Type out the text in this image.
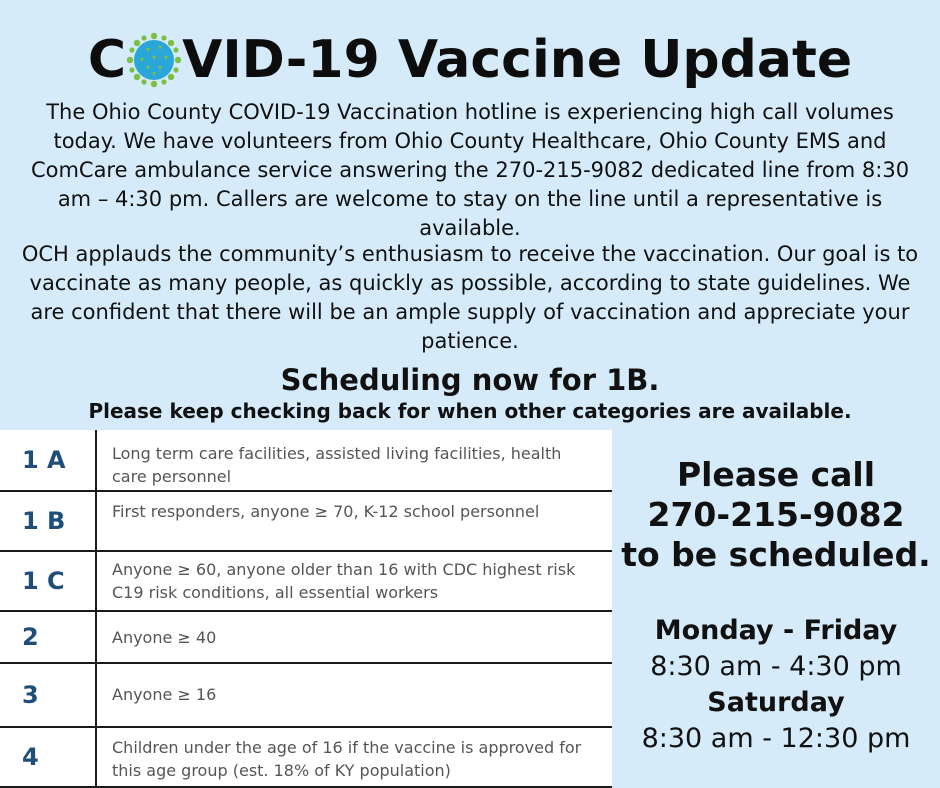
C VID-19 Vaccine Update
The Ohio County COVID-19 Vaccination hotline is experiencing high call volumes today. We have volunteers from Ohio County Healthcare, Ohio County EMS and ComCare ambulance service answering the 270-215-9082 dedicated line from 8:30 am – 4:30 pm. Callers are welcome to stay on the line until a representative is available.
OCH applauds the community’s enthusiasm to receive the vaccination. Our goal is to vaccinate as many people, as quickly as possible, according to state guidelines. We are confident that there will be an ample supply of vaccination and appreciate your patience.
Scheduling now for 1B.
Please keep checking back for when other categories are available.
1 A	Long term care facilities, assisted living facilities, health care personnel
1 B	First responders, anyone ≥ 70, K-12 school personnel
1 C	Anyone ≥ 60, anyone older than 16 with CDC highest risk C19 risk conditions, all essential workers
2	Anyone ≥ 40
3	Anyone ≥ 16
4	Children under the age of 16 if the vaccine is approved for this age group (est. 18% of KY population)
Please call
270-215-9082
to be scheduled.
Monday - Friday
8:30 am - 4:30 pm
Saturday
8:30 am - 12:30 pm
